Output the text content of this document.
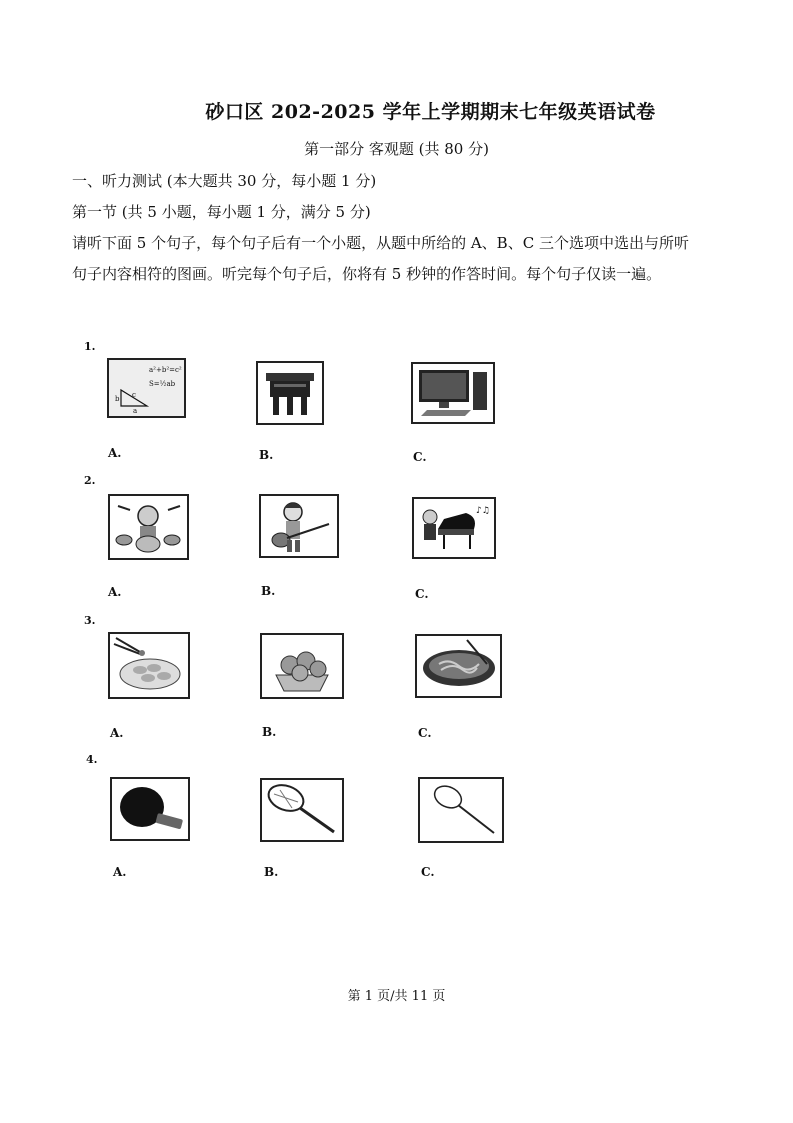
砂口区 202-2025 学年上学期期末七年级英语试卷
第一部分 客观题 (共 80 分)
一、听力测试 (本大题共 30 分，每小题 1 分)
第一节 (共 5 小题，每小题 1 分，满分 5 分)
请听下面 5 个句子，每个句子后有一个小题，从题中所给的 A、B、C 三个选项中选出与所听
句子内容相符的图画。听完每个句子后，你将有 5 秒钟的作答时间。每个句子仅读一遍。
1.
a²+b²=c²
S=½ab
b c
a
A.	B.	C.
2.
A.	B.
♪♫
C.
3.
A.	B.	C.
4.
A.	B.	C.
第 1 页/共 11 页
